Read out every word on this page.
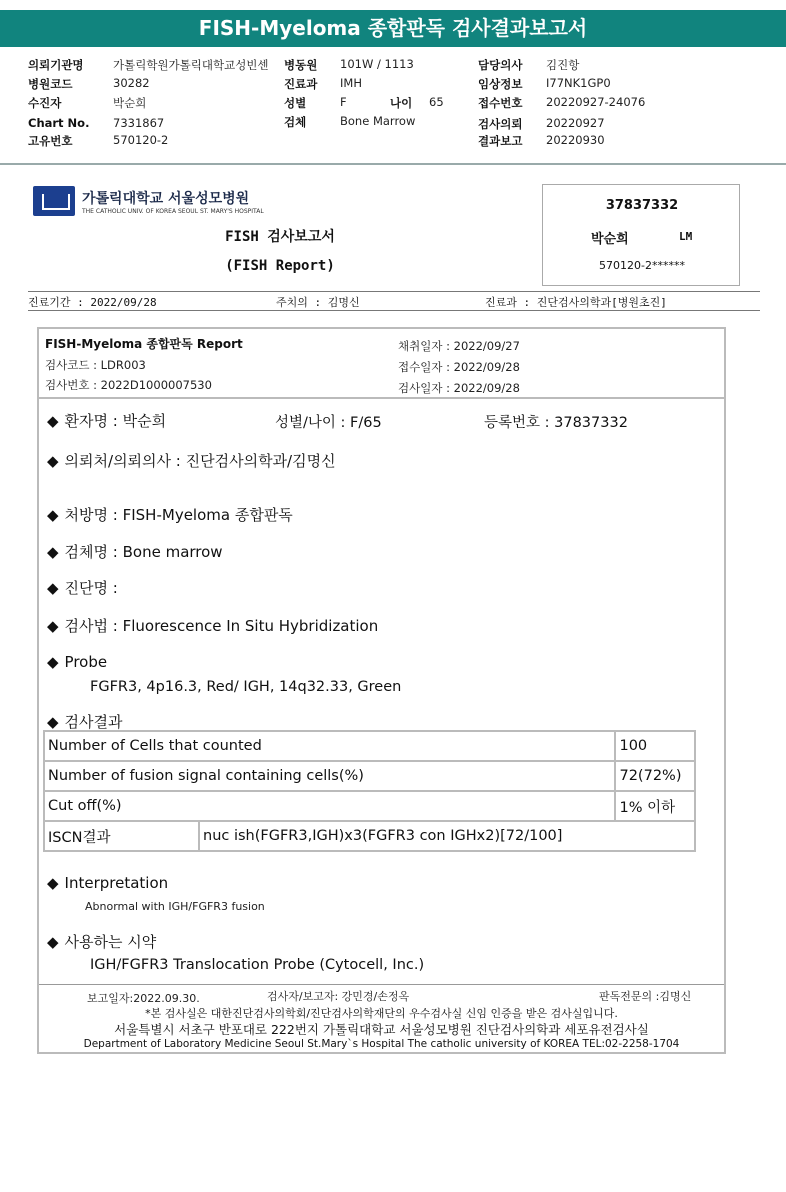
FISH-Myeloma 종합판독 검사결과보고서
의뢰기관명	가톨릭학원가톨릭대학교성빈센 병동원 101W / 1113	담당의사 김진항
병원코드	30282	진료과 IMH	임상정보 I77NK1GP0
수진자	박순희	성별	F	나이 65	접수번호 20220927-24076
Chart No. 7331867	검체	Bone Marrow	검사의뢰 20220927
고유번호	570120-2	결과보고 20220930
가톨릭대학교 서울성모병원
THE CATHOLIC UNIV. OF KOREA SEOUL ST. MARY'S HOSPITAL
FISH 검사보고서
(FISH Report)
37837332
박순희	LM
570120-2******
진료기간 : 2022/09/28	주치의 : 김명신	진료과 : 진단검사의학과[병원초진]
FISH-Myeloma 종합판독 Report
검사코드 : LDR003
검사번호 : 2022D1000007530
채취일자 : 2022/09/27
접수일자 : 2022/09/28
검사일자 : 2022/09/28
◆ 환자명 : 박순희	성별/나이 : F/65	등록번호 : 37837332
◆ 의뢰처/의뢰의사 : 진단검사의학과/김명신
◆ 처방명 : FISH-Myeloma 종합판독
◆ 검체명 : Bone marrow
◆ 진단명 :
◆ 검사법 : Fluorescence In Situ Hybridization
◆ Probe
FGFR3, 4p16.3, Red/ IGH, 14q32.33, Green
◆ 검사결과
Number of Cells that counted		100
Number of fusion signal containing cells(%)		72(72%)
Cut off(%)		1% 이하
ISCN결과	nuc ish(FGFR3,IGH)x3(FGFR3 con IGHx2)[72/100]	
◆ Interpretation
Abnormal with IGH/FGFR3 fusion
◆ 사용하는 시약
IGH/FGFR3 Translocation Probe (Cytocell, Inc.)
보고일자:2022.09.30.	검사자/보고자: 강민경/손정옥	판독전문의 :김명신
*본 검사실은 대한진단검사의학회/진단검사의학재단의 우수검사실 신임 인증을 받은 검사실입니다.
서울특별시 서초구 반포대로 222번지 가톨릭대학교 서울성모병원 진단검사의학과 세포유전검사실
Department of Laboratory Medicine Seoul St.Mary`s Hospital The catholic university of KOREA TEL:02-2258-1704
